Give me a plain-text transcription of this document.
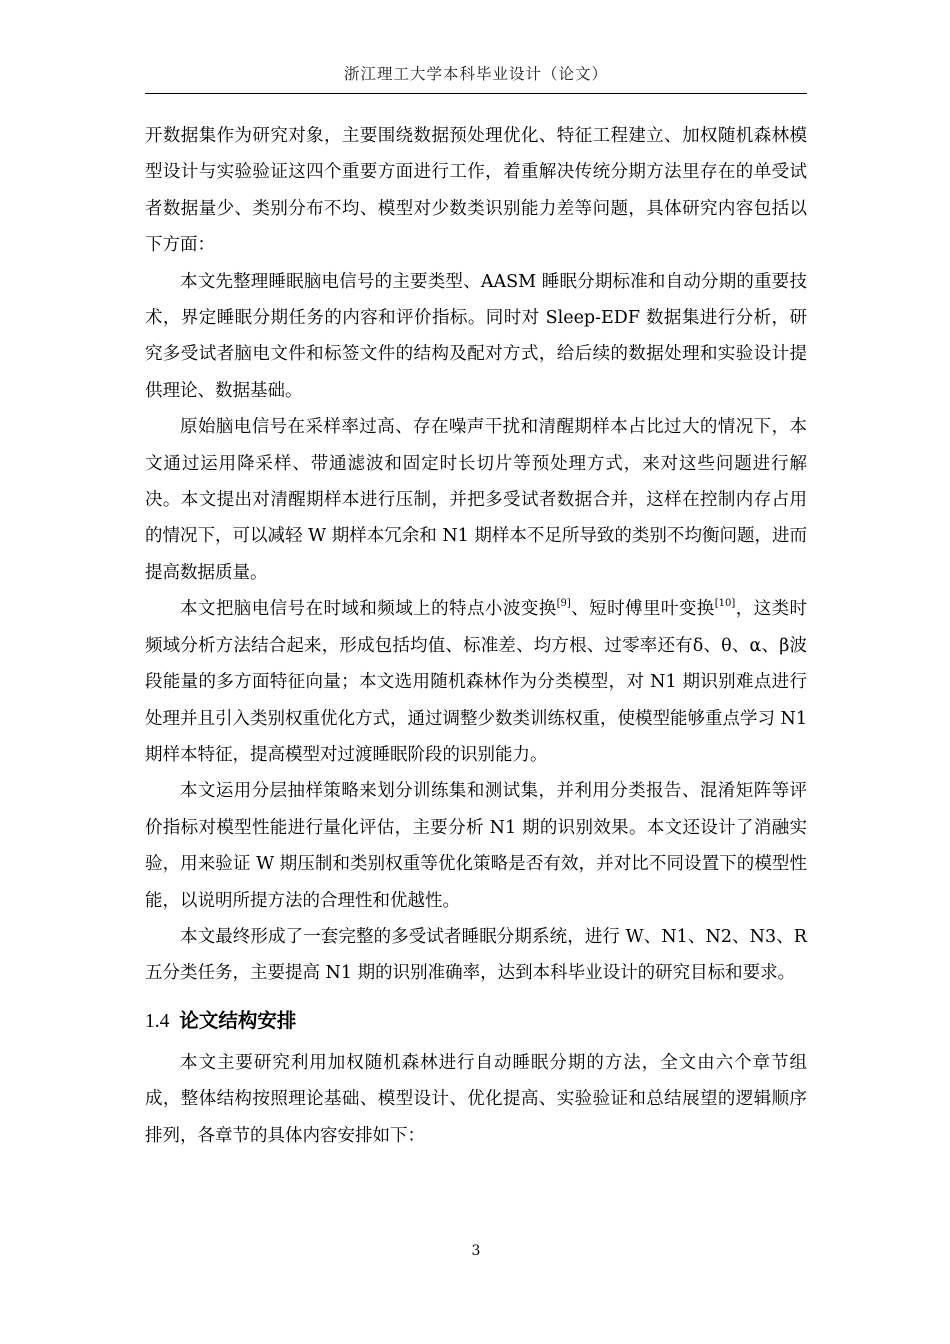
浙江理工大学本科毕业设计（论文）

开数据集作为研究对象，主要围绕数据预处理优化、特征工程建立、加权随机森林模型设计与实验验证这四个重要方面进行工作，着重解决传统分期方法里存在的单受试者数据量少、类别分布不均、模型对少数类识别能力差等问题，具体研究内容包括以下方面：

本文先整理睡眠脑电信号的主要类型、AASM 睡眠分期标准和自动分期的重要技术，界定睡眠分期任务的内容和评价指标。同时对 Sleep-EDF 数据集进行分析，研究多受试者脑电文件和标签文件的结构及配对方式，给后续的数据处理和实验设计提供理论、数据基础。

原始脑电信号在采样率过高、存在噪声干扰和清醒期样本占比过大的情况下，本文通过运用降采样、带通滤波和固定时长切片等预处理方式，来对这些问题进行解决。本文提出对清醒期样本进行压制，并把多受试者数据合并，这样在控制内存占用的情况下，可以减轻 W 期样本冗余和 N1 期样本不足所导致的类别不均衡问题，进而提高数据质量。

本文把脑电信号在时域和频域上的特点小波变换[9]、短时傅里叶变换[10]，这类时频域分析方法结合起来，形成包括均值、标准差、均方根、过零率还有δ、θ、α、β波段能量的多方面特征向量；本文选用随机森林作为分类模型，对 N1 期识别难点进行处理并且引入类别权重优化方式，通过调整少数类训练权重，使模型能够重点学习 N1 期样本特征，提高模型对过渡睡眠阶段的识别能力。

本文运用分层抽样策略来划分训练集和测试集，并利用分类报告、混淆矩阵等评价指标对模型性能进行量化评估，主要分析 N1 期的识别效果。本文还设计了消融实验，用来验证 W 期压制和类别权重等优化策略是否有效，并对比不同设置下的模型性能，以说明所提方法的合理性和优越性。

本文最终形成了一套完整的多受试者睡眠分期系统，进行 W、N1、N2、N3、R 五分类任务，主要提高 N1 期的识别准确率，达到本科毕业设计的研究目标和要求。

1.4 论文结构安排

本文主要研究利用加权随机森林进行自动睡眠分期的方法，全文由六个章节组成，整体结构按照理论基础、模型设计、优化提高、实验验证和总结展望的逻辑顺序排列，各章节的具体内容安排如下：

3
